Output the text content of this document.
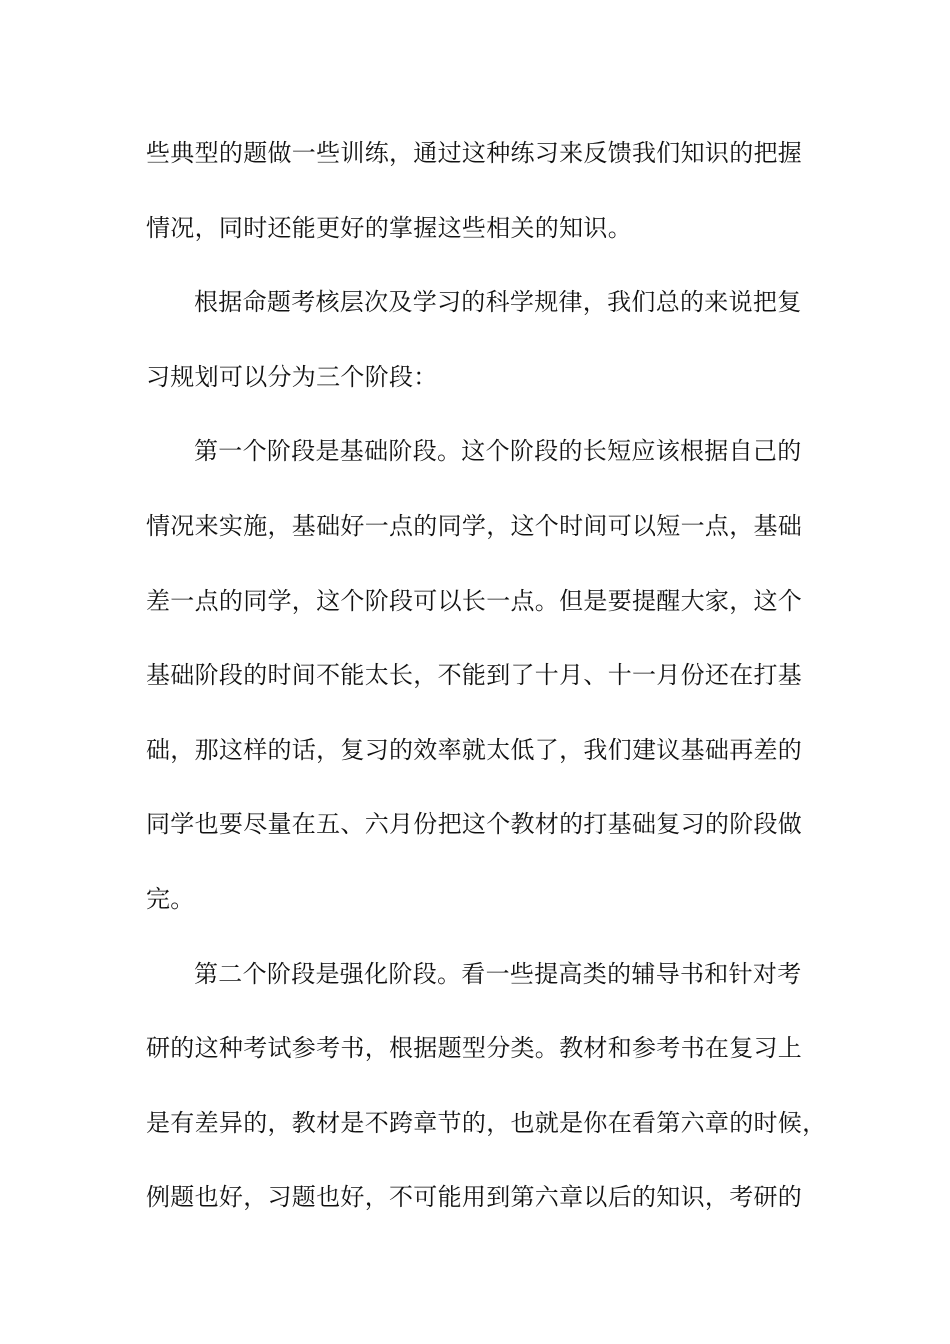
些典型的题做一些训练，通过这种练习来反馈我们知识的把握
情况，同时还能更好的掌握这些相关的知识。
根据命题考核层次及学习的科学规律，我们总的来说把复
习规划可以分为三个阶段：
第一个阶段是基础阶段。这个阶段的长短应该根据自己的
情况来实施，基础好一点的同学，这个时间可以短一点，基础
差一点的同学，这个阶段可以长一点。但是要提醒大家，这个
基础阶段的时间不能太长，不能到了十月、十一月份还在打基
础，那这样的话，复习的效率就太低了，我们建议基础再差的
同学也要尽量在五、六月份把这个教材的打基础复习的阶段做
完。
第二个阶段是强化阶段。看一些提高类的辅导书和针对考
研的这种考试参考书，根据题型分类。教材和参考书在复习上
是有差异的，教材是不跨章节的，也就是你在看第六章的时候，
例题也好，习题也好，不可能用到第六章以后的知识，考研的
